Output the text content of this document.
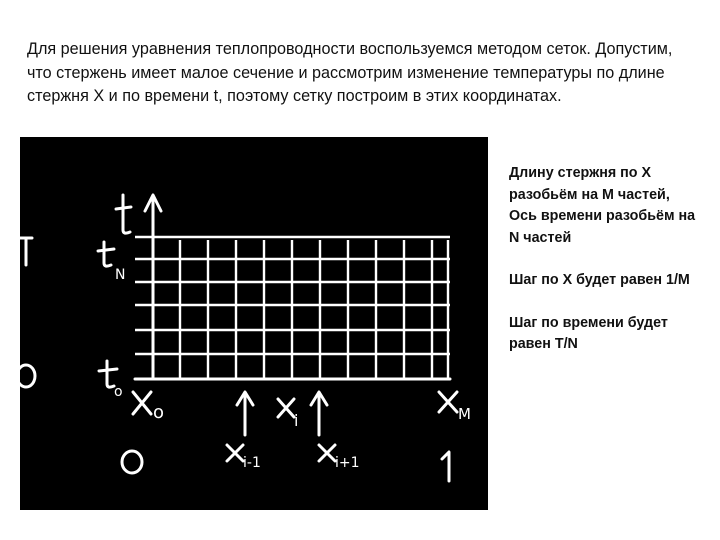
Для решения уравнения теплопроводности воспользуемся методом сеток. Допустим, что стержень имеет малое сечение и рассмотрим изменение температуры по длине стержня X и по времени t, поэтому сетку построим в этих координатах.

N
o
o	i
i-1	i+1
M

Длину стержня по X разобьём на M частей,

Ось времени разобьём на N частей

Шаг по X будет равен 1/M

Шаг по времени будет равен T/N
